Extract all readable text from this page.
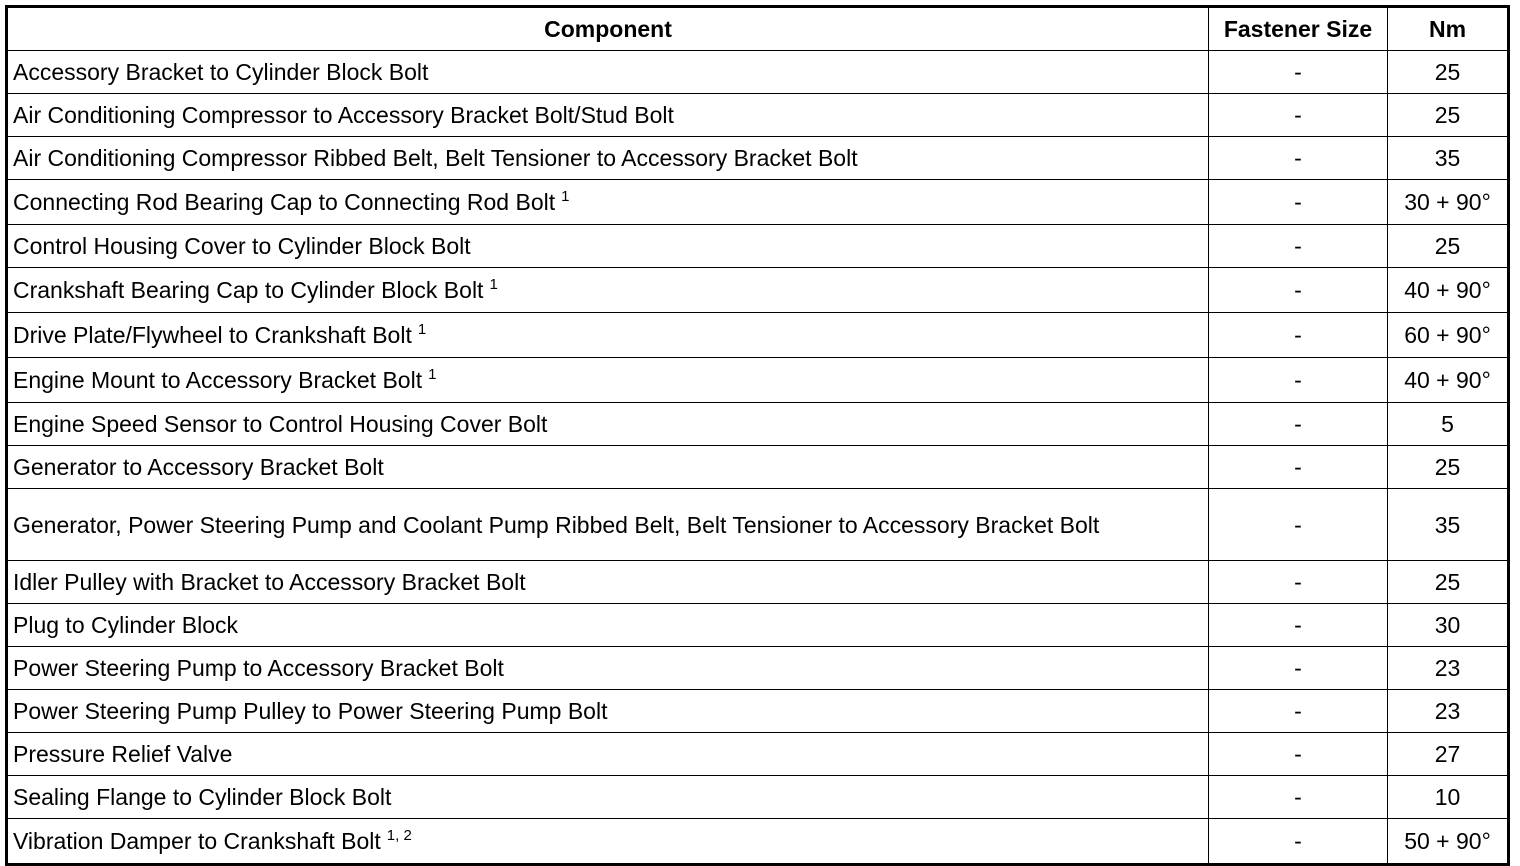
Component	Fastener Size	Nm
Accessory Bracket to Cylinder Block Bolt	-	25
Air Conditioning Compressor to Accessory Bracket Bolt/Stud Bolt	-	25
Air Conditioning Compressor Ribbed Belt, Belt Tensioner to Accessory Bracket Bolt	-	35
Connecting Rod Bearing Cap to Connecting Rod Bolt $^1$	-	30 + 90°
Control Housing Cover to Cylinder Block Bolt	-	25
Crankshaft Bearing Cap to Cylinder Block Bolt $^1$	-	40 + 90°
Drive Plate/Flywheel to Crankshaft Bolt $^1$	-	60 + 90°
Engine Mount to Accessory Bracket Bolt $^1$	-	40 + 90°
Engine Speed Sensor to Control Housing Cover Bolt	-	5
Generator to Accessory Bracket Bolt	-	25
Generator, Power Steering Pump and Coolant Pump Ribbed Belt, Belt Tensioner to Accessory Bracket Bolt	-	35
Idler Pulley with Bracket to Accessory Bracket Bolt	-	25
Plug to Cylinder Block	-	30
Power Steering Pump to Accessory Bracket Bolt	-	23
Power Steering Pump Pulley to Power Steering Pump Bolt	-	23
Pressure Relief Valve	-	27
Sealing Flange to Cylinder Block Bolt	-	10
Vibration Damper to Crankshaft Bolt $^{1, 2}$	-	50 + 90°
